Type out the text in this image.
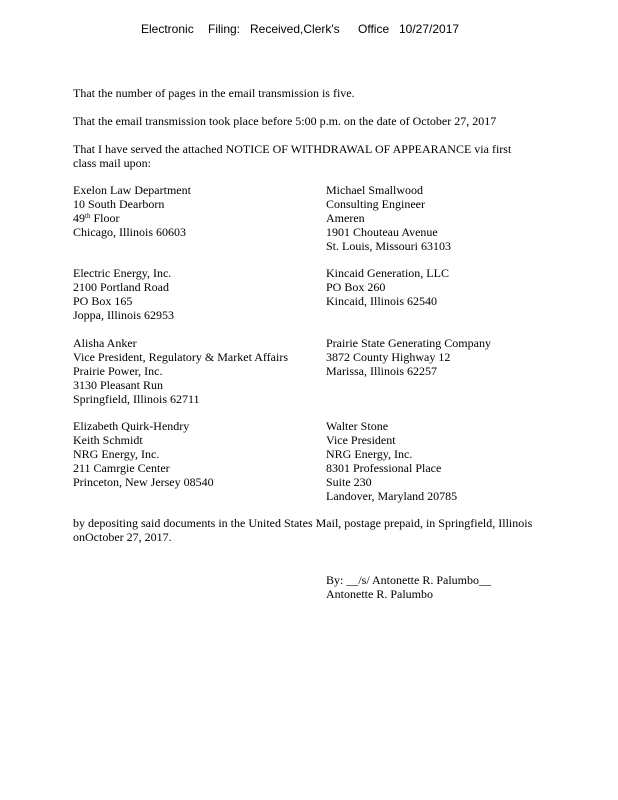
Electronic Filing: Received,Clerk's Office 10/27/2017
That the number of pages in the email transmission is five.
That the email transmission took place before 5:00 p.m. on the date of October 27, 2017
That I have served the attached NOTICE OF WITHDRAWAL OF APPEARANCE via first
class mail upon:
Exelon Law Department
10 South Dearborn
49th Floor
Chicago, Illinois 60603
Michael Smallwood
Consulting Engineer
Ameren
1901 Chouteau Avenue
St. Louis, Missouri 63103
Electric Energy, Inc.
2100 Portland Road
PO Box 165
Joppa, Illinois 62953
Kincaid Generation, LLC
PO Box 260
Kincaid, Illinois 62540
Alisha Anker
Vice President, Regulatory & Market Affairs
Prairie Power, Inc.
3130 Pleasant Run
Springfield, Illinois 62711
Prairie State Generating Company
3872 County Highway 12
Marissa, Illinois 62257
Elizabeth Quirk-Hendry
Keith Schmidt
NRG Energy, Inc.
211 Camrgie Center
Princeton, New Jersey 08540
Walter Stone
Vice President
NRG Energy, Inc.
8301 Professional Place
Suite 230
Landover, Maryland 20785
by depositing said documents in the United States Mail, postage prepaid, in Springfield, Illinois
onOctober 27, 2017.
By: __/s/ Antonette R. Palumbo__
Antonette R. Palumbo
